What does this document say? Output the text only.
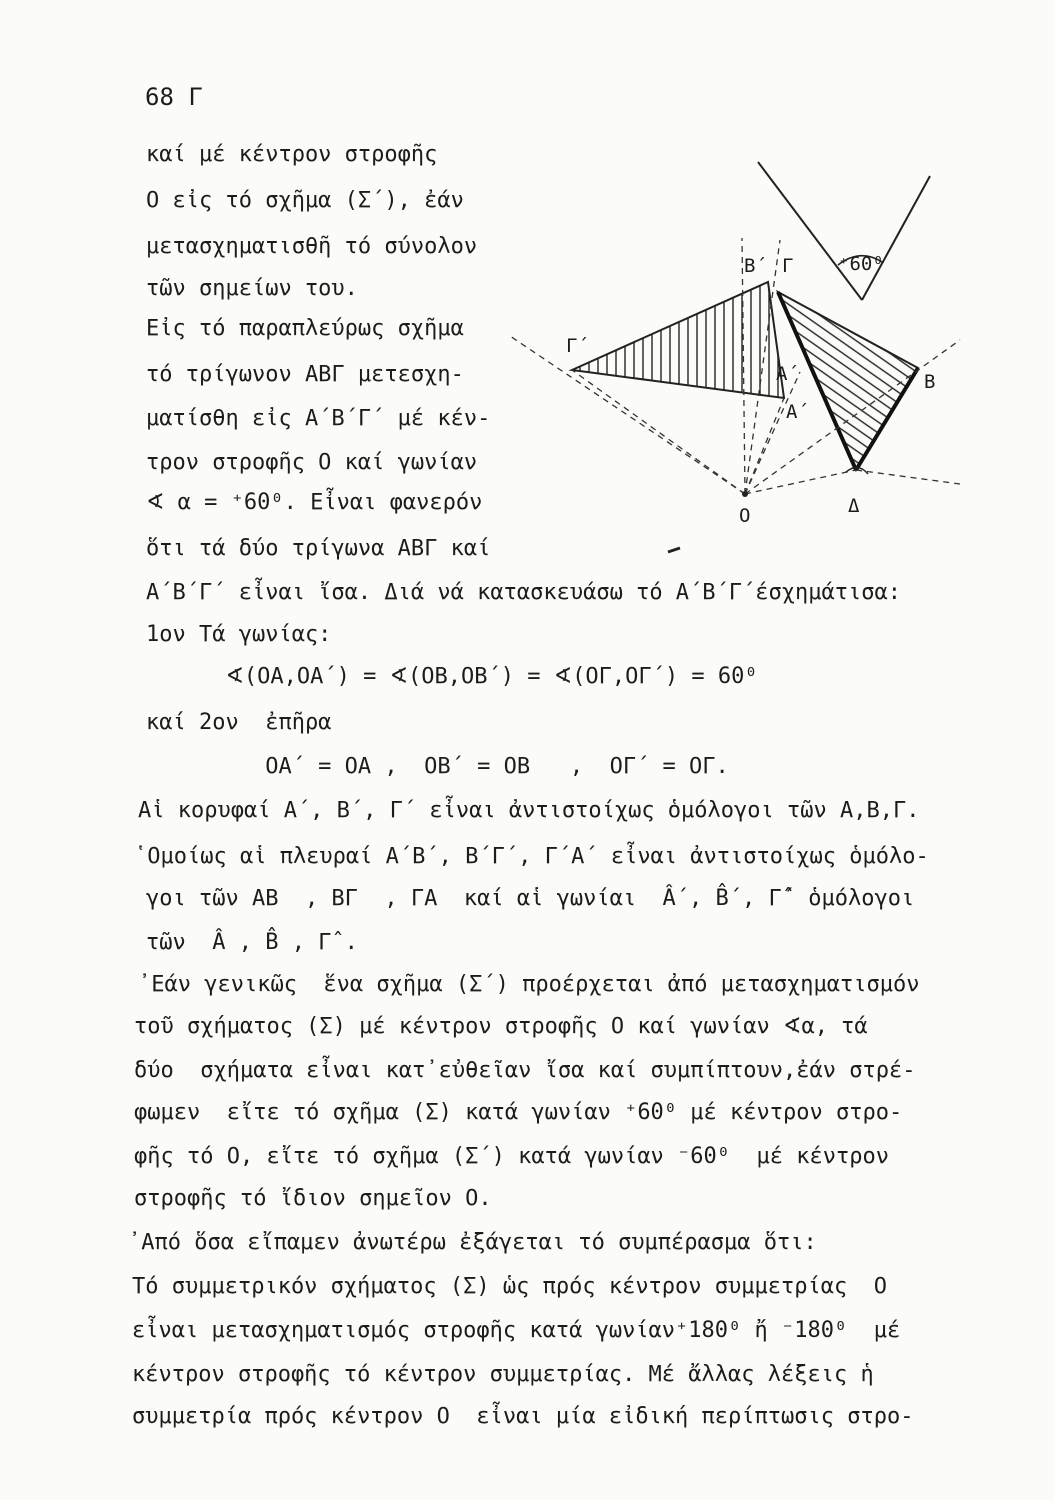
68 Γ
καί μέ κέντρον στροφῆς
Ο εἰς τό σχῆμα (Σ΄), ἐάν
μετασχηματισθῆ τό σύνολον
τῶν σημείων του.
Εἰς τό παραπλεύρως σχῆμα
τό τρίγωνον ΑΒΓ μετεσχη-
ματίσθη εἰς Α΄Β΄Γ΄ μέ κέν-
τρον στροφῆς Ο καί γωνίαν
∢ α = ⁺60⁰. Εἶναι φανερόν
ὅτι τά δύο τρίγωνα ΑΒΓ καί
Α΄Β΄Γ΄ εἶναι ἴσα. Διά νά κατασκευάσω τό Α΄Β΄Γ΄έσχημάτισα:
1ον Τά γωνίας:
∢(ΟΑ,ΟΑ΄) = ∢(ΟΒ,ΟΒ΄) = ∢(ΟΓ,ΟΓ΄) = 60⁰
καί 2ον  ἐπῆρα
ΟΑ΄ = ΟΑ ,  ΟΒ΄ = ΟΒ   ,  ΟΓ΄ = ΟΓ.
Αἱ κορυφαί Α΄, Β΄, Γ΄ εἶναι ἀντιστοίχως ὁμόλογοι τῶν Α,Β,Γ.
῾Ομοίως αἱ πλευραί Α΄Β΄, Β΄Γ΄, Γ΄Α΄ εἶναι ἀντιστοίχως ὁμόλο-
γοι τῶν ΑΒ  , ΒΓ  , ΓΑ  καί αἱ γωνίαι  Â΄, B̂΄, Γ̂΄ ὁμόλογοι
τῶν  Â , B̂ , Γ̂ .
᾽Εάν γενικῶς  ἕνα σχῆμα (Σ΄) προέρχεται ἀπό μετασχηματισμόν
τοῦ σχήματος (Σ) μέ κέντρον στροφῆς Ο καί γωνίαν ∢α, τά
δύο  σχήματα εἶναι κατ᾽εὐθεῖαν ἴσα καί συμπίπτουν,ἐάν στρέ-
φωμεν  εἴτε τό σχῆμα (Σ) κατά γωνίαν ⁺60⁰ μέ κέντρον στρο-
φῆς τό Ο, εἴτε τό σχῆμα (Σ΄) κατά γωνίαν ⁻60⁰  μέ κέντρον
στροφῆς τό ἴδιον σημεῖον Ο.
᾽Από ὅσα εἴπαμεν ἀνωτέρω ἐξάγεται τό συμπέρασμα ὅτι:
Τό συμμετρικόν σχήματος (Σ) ὡς πρός κέντρον συμμετρίας  Ο
εἶναι μετασχηματισμός στροφῆς κατά γωνίαν⁺180⁰ ἤ ⁻180⁰  μέ
κέντρον στροφῆς τό κέντρον συμμετρίας. Μέ ἄλλας λέξεις ἡ
συμμετρία πρός κέντρον Ο  εἶναι μία εἰδική περίπτωσις στρο-
Β΄ Γ ⁺60⁰
Γ΄
Α΄
Α΄
Β
Ο	Δ
